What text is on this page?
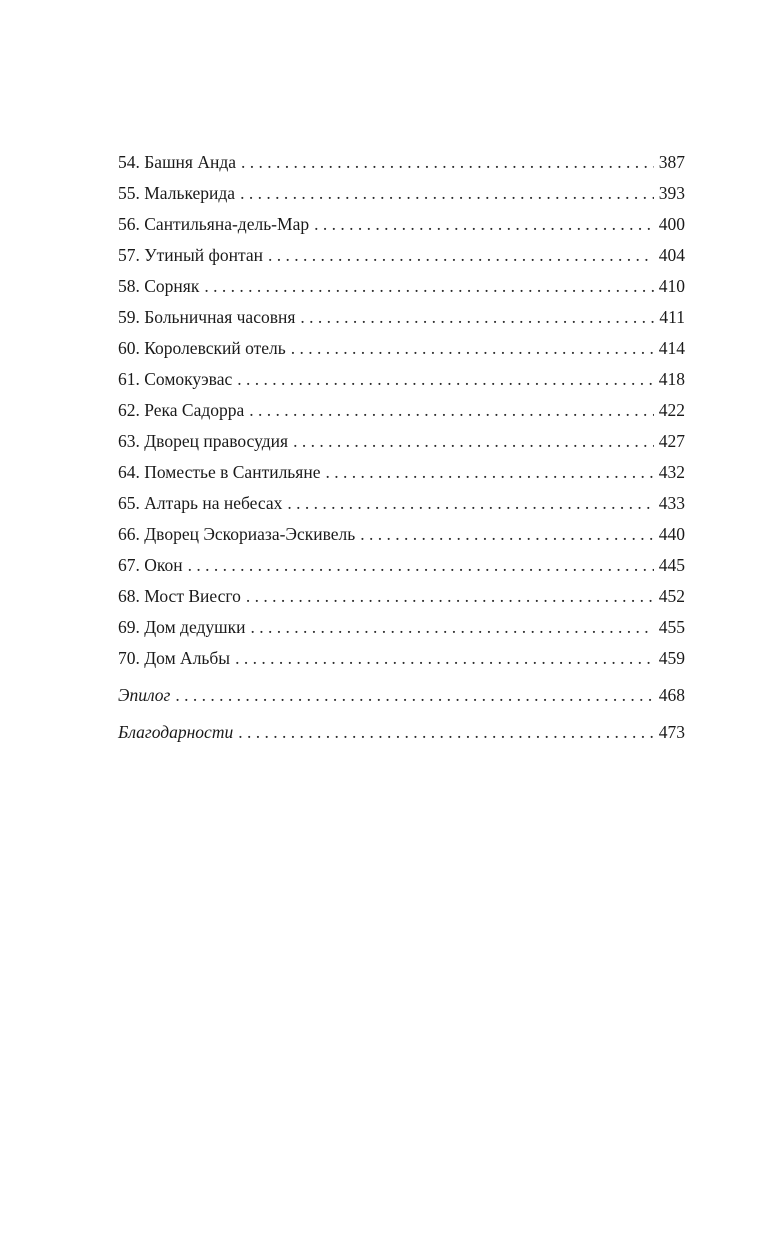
54. Башня Анда . . .	387
55. Малькерида . . .	393
56. Сантильяна-дель-Мар . . .	400
57. Утиный фонтан . . .	404
58. Сорняк . . .	410
59. Больничная часовня . . .	411
60. Королевский отель . . .	414
61. Сомокуэвас . . .	418
62. Река Садорра . . .	422
63. Дворец правосудия . . .	427
64. Поместье в Сантильяне . . .	432
65. Алтарь на небесах . . .	433
66. Дворец Эскориаза-Эскивель . . .	440
67. Окон . . .	445
68. Мост Виесго . . .	452
69. Дом дедушки . . .	455
70. Дом Альбы . . .	459
Эпилог . . .	468
Благодарности . . .	473
